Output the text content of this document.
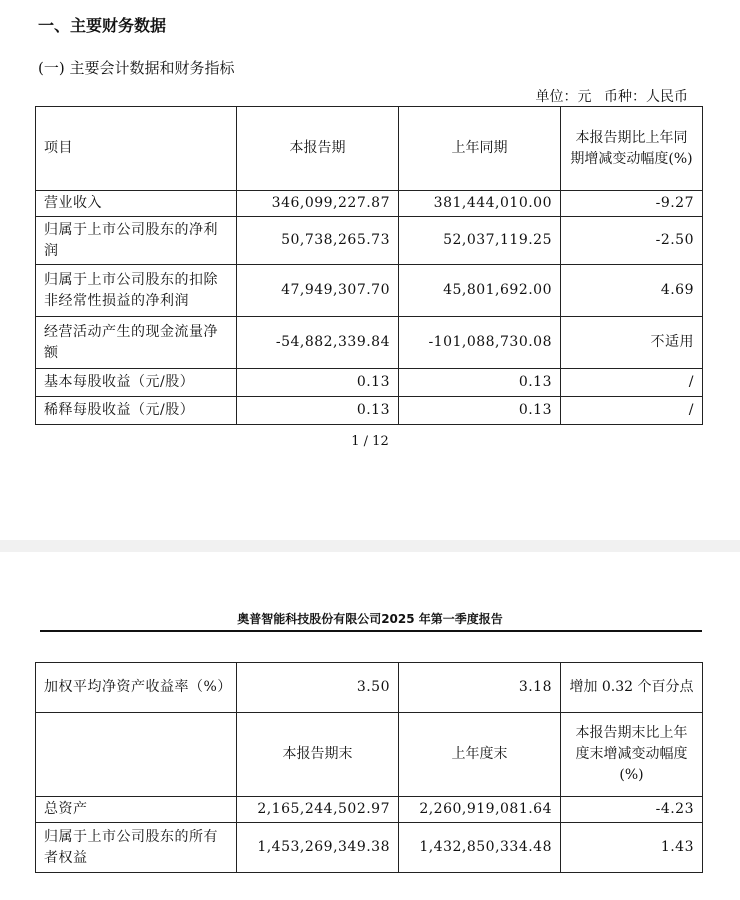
一、主要财务数据
(一) 主要会计数据和财务指标
单位：元 币种：人民币
项目	本报告期	上年同期	本报告期比上年同期增减变动幅度(%)
营业收入	346,099,227.87	381,444,010.00	-9.27
归属于上市公司股东的净利润	50,738,265.73	52,037,119.25	-2.50
归属于上市公司股东的扣除非经常性损益的净利润	47,949,307.70	45,801,692.00	4.69
经营活动产生的现金流量净额	-54,882,339.84	-101,088,730.08	不适用
基本每股收益（元/股）	0.13	0.13	/
稀释每股收益（元/股）	0.13	0.13	/
1 / 12
奥普智能科技股份有限公司2025 年第一季度报告
加权平均净资产收益率（%）	3.50	3.18	增加 0.32 个百分点
	本报告期末	上年度末	本报告期末比上年度末增减变动幅度(%)
总资产	2,165,244,502.97	2,260,919,081.64	-4.23
归属于上市公司股东的所有者权益	1,453,269,349.38	1,432,850,334.48	1.43
